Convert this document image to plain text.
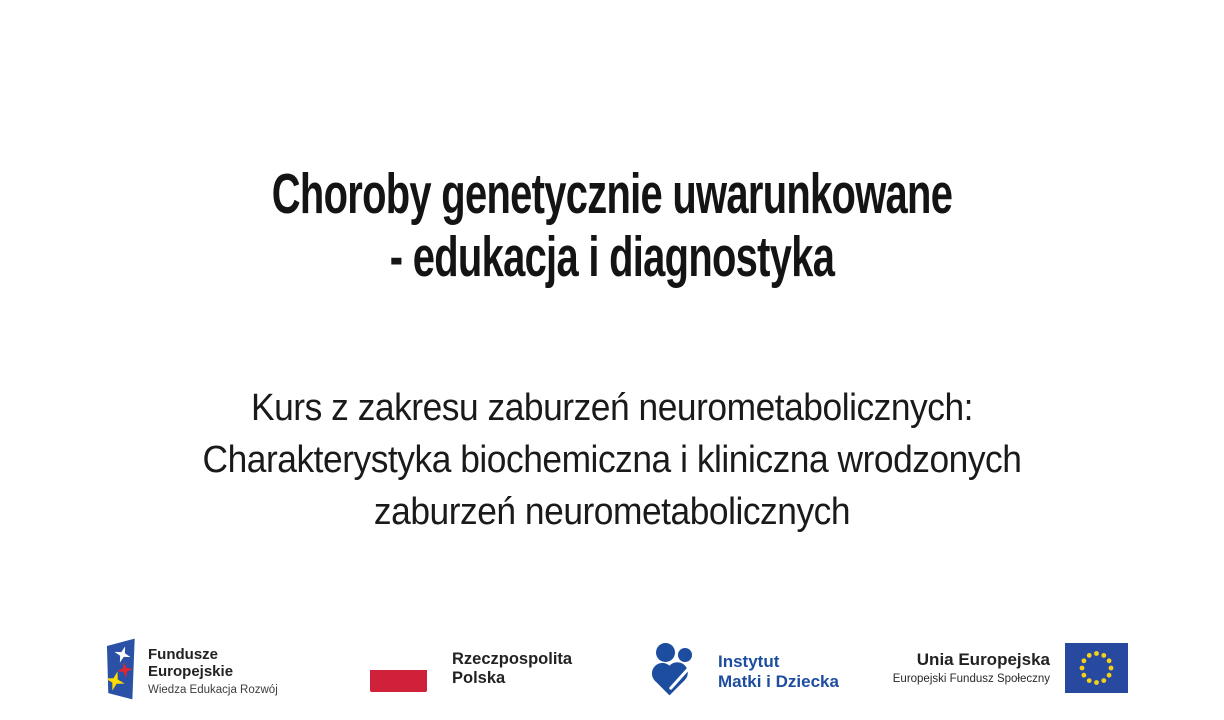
Choroby genetycznie uwarunkowane
- edukacja i diagnostyka
Kurs z zakresu zaburzeń neurometabolicznych:
Charakterystyka biochemiczna i kliniczna wrodzonych
zaburzeń neurometabolicznych
Fundusze
Europejskie
Wiedza Edukacja Rozwój
Rzeczpospolita
Polska
Instytut
Matki i Dziecka
Unia Europejska
Europejski Fundusz Społeczny
